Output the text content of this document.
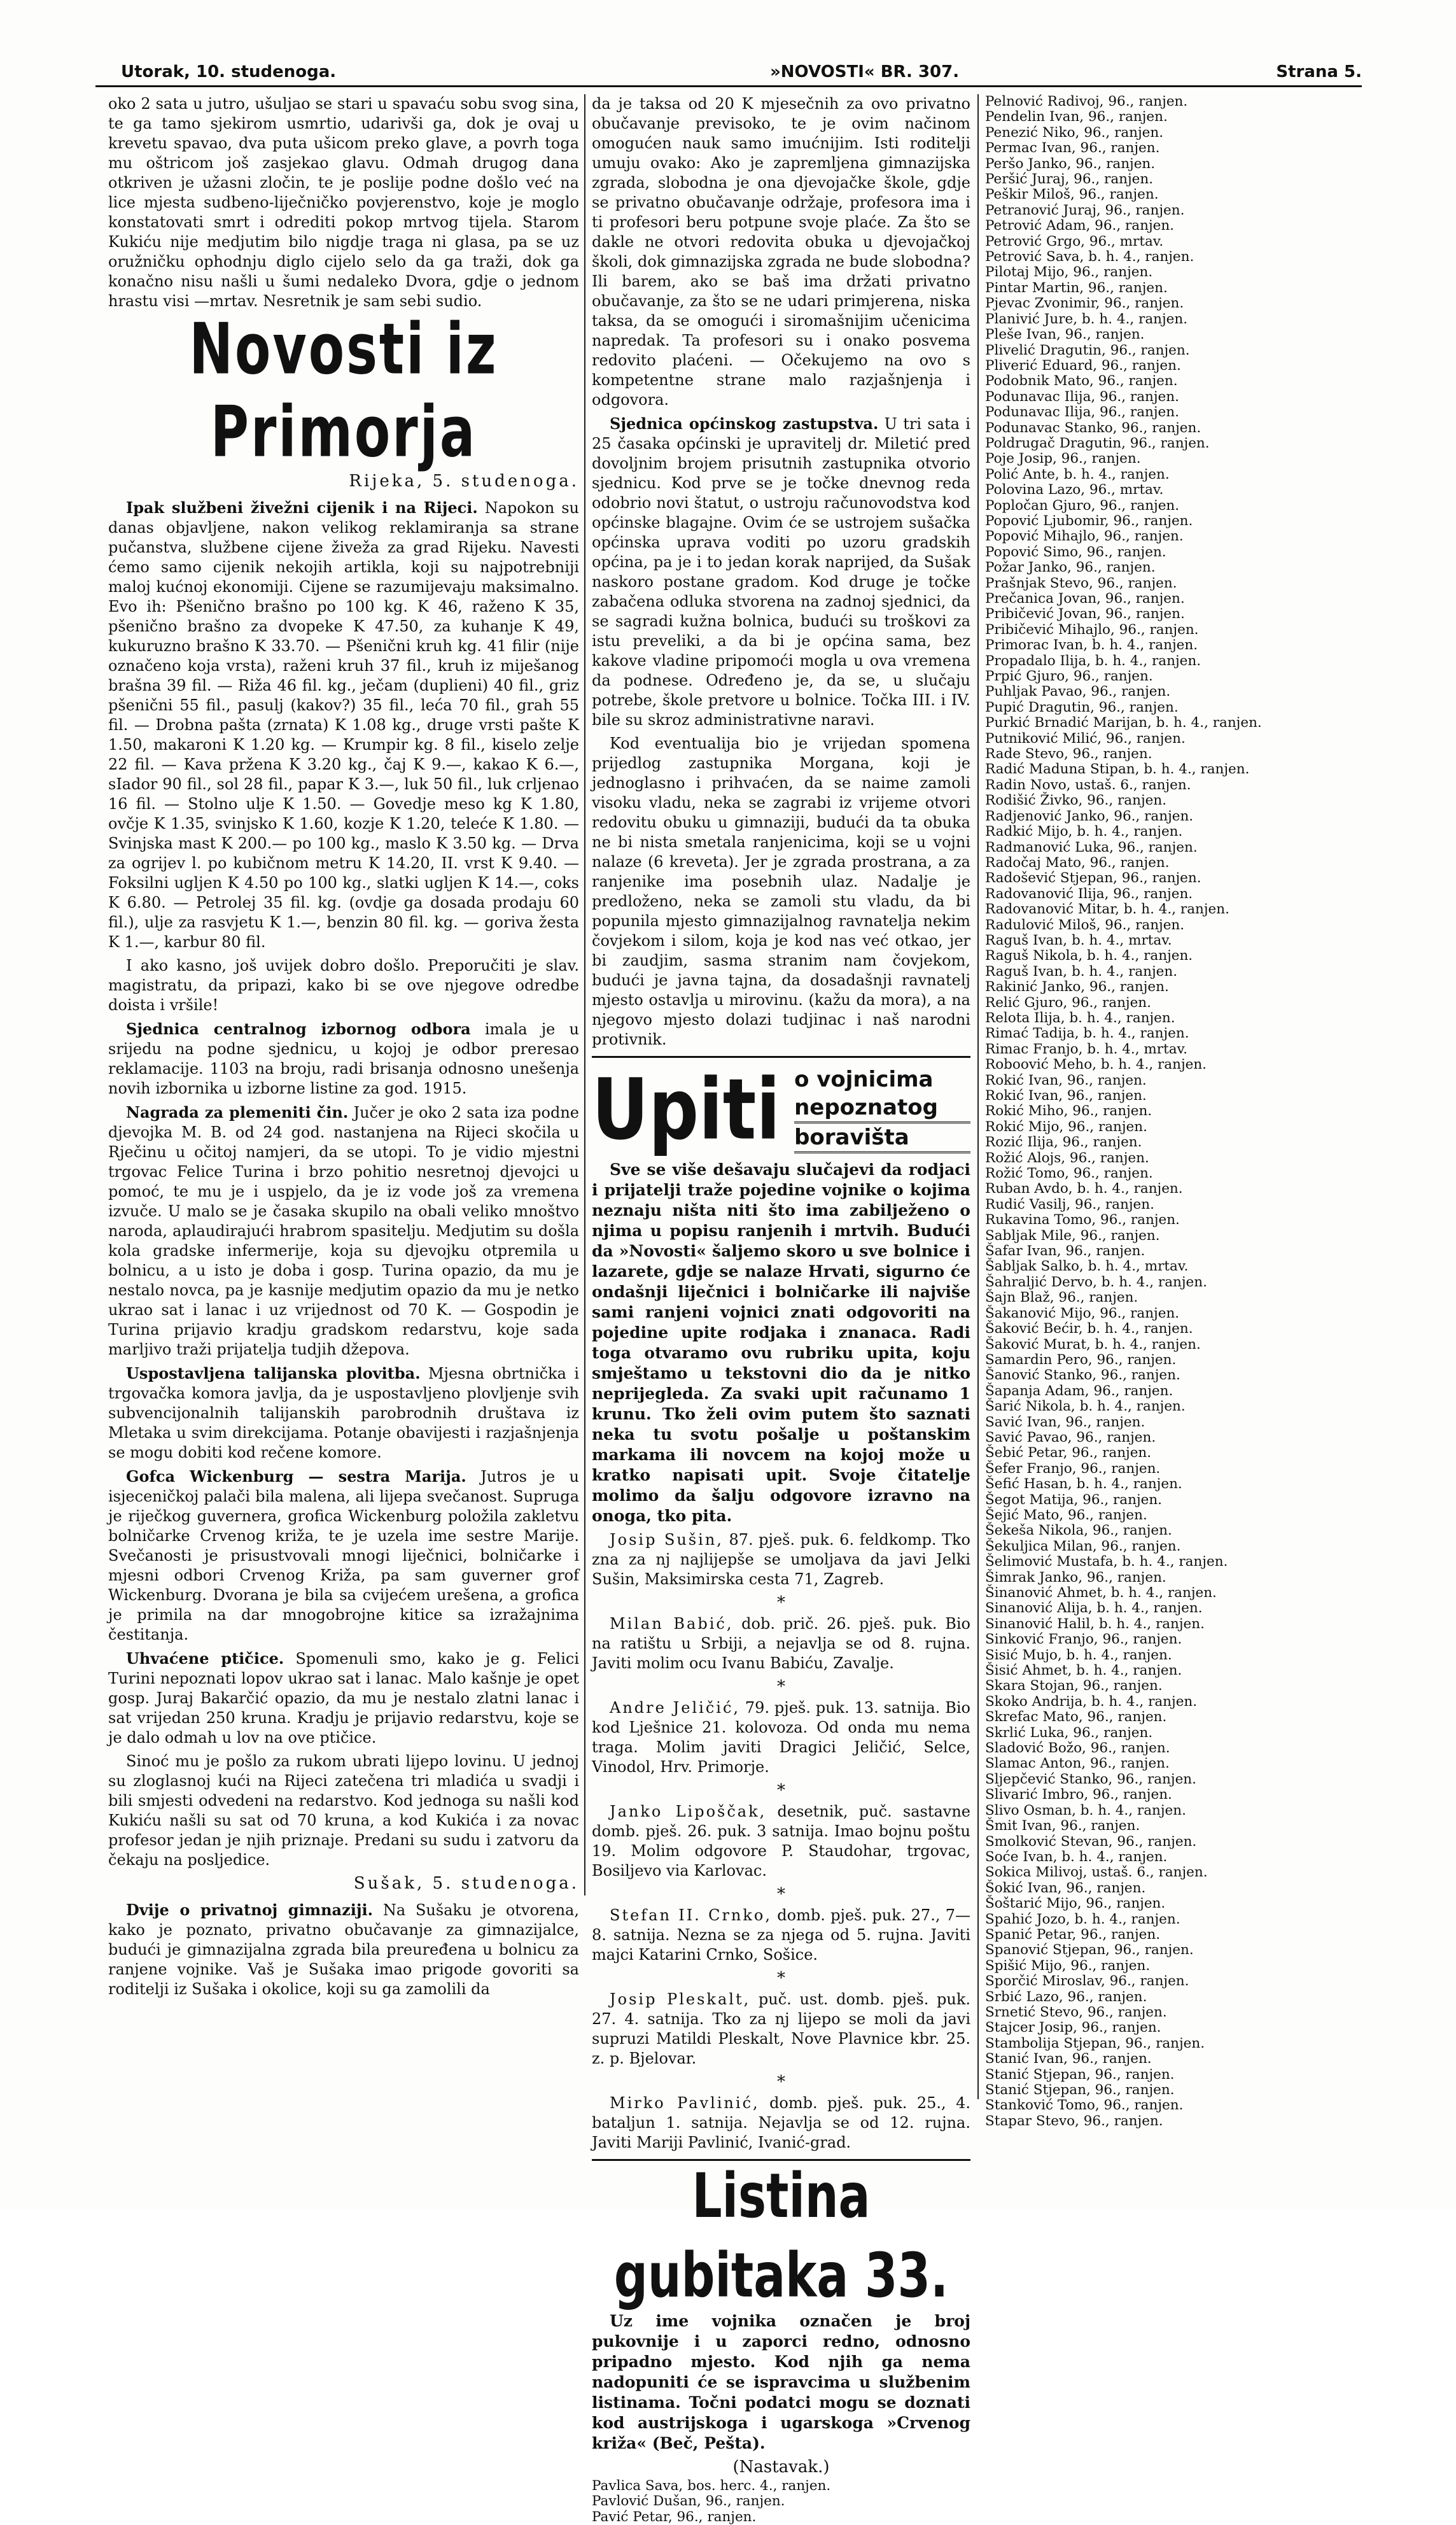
Utorak, 10. studenoga.	»NOVOSTI« BR. 307.	Strana 5.

oko 2 sata u jutro, ušuljao se stari u spavaću sobu svog sina, te ga tamo sjekirom usmrtio, udarivši ga, dok je ovaj u krevetu spavao, dva puta ušicom preko glave, a povrh toga mu oštricom još zasjekao glavu. Odmah drugog dana otkriven je užasni zločin, te je poslije podne došlo već na lice mjesta sudbeno-liječničko povjerenstvo, koje je moglo konstatovati smrt i odrediti pokop mrtvog tijela. Starom Kukiću nije medjutim bilo nigdje traga ni glasa, pa se uz oružničku ophodnju diglo cijelo selo da ga traži, dok ga konačno nisu našli u šumi nedaleko Dvora, gdje o jednom hrastu visi —mrtav. Nesretnik je sam sebi sudio.

Novosti iz Primorja

Rijeka, 5. studenoga.

Ipak službeni živežni cijenik i na Rijeci. Napokon su danas objavljene, nakon velikog reklamiranja sa strane pučanstva, službene cijene živeža za grad Rijeku. Navesti ćemo samo cijenik nekojih artikla, koji su najpotrebniji maloj kućnoj ekonomiji. Cijene se razumijevaju maksimalno. Evo ih: Pšenično brašno po 100 kg. K 46, raženo K 35, pšenično brašno za dvopeke K 47.50, za kuhanje K 49, kukuruzno brašno K 33.70. — Pšenični kruh kg. 41 filir (nije označeno koja vrsta), raženi kruh 37 fil., kruh iz miješanog brašna 39 fil. — Riža 46 fil. kg., ječam (duplieni) 40 fil., griz pšenični 55 fil., pasulj (kakov?) 35 fil., leća 70 fil., grah 55 fil. — Drobna pašta (zrnata) K 1.08 kg., druge vrsti pašte K 1.50, makaroni K 1.20 kg. — Krumpir kg. 8 fil., kiselo zelje 22 fil. — Kava pržena K 3.20 kg., čaj K 9.—, kakao K 6.—, sIador 90 fil., sol 28 fil., papar K 3.—, luk 50 fil., luk crljenao 16 fil. — Stolno ulje K 1.50. — Govedje meso kg K 1.80, ovčje K 1.35, svinjsko K 1.60, kozje K 1.20, teleće K 1.80. — Svinjska mast K 200.— po 100 kg., maslo K 3.50 kg. — Drva za ogrijev l. po kubičnom metru K 14.20, II. vrst K 9.40. — Foksilni ugljen K 4.50 po 100 kg., slatki ugljen K 14.—, coks K 6.80. — Petrolej 35 fil. kg. (ovdje ga dosada prodaju 60 fil.), ulje za rasvjetu K 1.—, benzin 80 fil. kg. — goriva žesta K 1.—, karbur 80 fil.

I ako kasno, još uvijek dobro došlo. Preporučiti je slav. magistratu, da pripazi, kako bi se ove njegove odredbe doista i vršile!

Sjednica centralnog izbornog odbora imala je u srijedu na podne sjednicu, u kojoj je odbor preresao reklamacije. 1103 na broju, radi brisanja odnosno unešenja novih izbornika u izborne listine za god. 1915.

Nagrada za plemeniti čin. Jučer je oko 2 sata iza podne djevojka M. B. od 24 god. nastanjena na Rijeci skočila u Rječinu u očitoj namjeri, da se utopi. To je vidio mjestni trgovac Felice Turina i brzo pohitio nesretnoj djevojci u pomoć, te mu je i uspjelo, da je iz vode još za vremena izvuče. U malo se je časaka skupilo na obali veliko mnoštvo naroda, aplaudirajući hrabrom spasitelju. Medjutim su došla kola gradske infermerije, koja su djevojku otpremila u bolnicu, a u isto je doba i gosp. Turina opazio, da mu je nestalo novca, pa je kasnije medjutim opazio da mu je netko ukrao sat i lanac i uz vrijednost od 70 K. — Gospodin je Turina prijavio kradju gradskom redarstvu, koje sada marljivo traži prijatelja tudjih džepova.

Uspostavljena talijanska plovitba. Mjesna obrtnička i trgovačka komora javlja, da je uspostavljeno plovljenje svih subvencijonalnih talijanskih parobrodnih društava iz Mletaka u svim direkcijama. Potanje obavijesti i razjašnjenja se mogu dobiti kod rečene komore.

Gofca Wickenburg — sestra Marija. Jutros je u isjeceničkoj palači bila malena, ali lijepa svečanost. Supruga je riječkog guvernera, grofica Wickenburg položila zakletvu bolničarke Crvenog križa, te je uzela ime sestre Marije. Svečanosti je prisustvovali mnogi liječnici, bolničarke i mjesni odbori Crvenog Križa, pa sam guverner grof Wickenburg. Dvorana je bila sa cvijećem urešena, a grofica je primila na dar mnogobrojne kitice sa izražajnima čestitanja.

Uhvaćene ptičice. Spomenuli smo, kako je g. Felici Turini nepoznati lopov ukrao sat i lanac. Malo kašnje je opet gosp. Juraj Bakarčić opazio, da mu je nestalo zlatni lanac i sat vrijedan 250 kruna. Kradju je prijavio redarstvu, koje se je dalo odmah u lov na ove ptičice.

Sinoć mu je pošlo za rukom ubrati lijepo lovinu. U jednoj su zloglasnoj kući na Rijeci zatečena tri mladića u svadji i bili smjesti odvedeni na redarstvo. Kod jednoga su našli kod Kukiću našli su sat od 70 kruna, a kod Kukića i za novac profesor jedan je njih priznaje. Predani su sudu i zatvoru da čekaju na posljedice.

Sušak, 5. studenoga.

Dvije o privatnoj gimnaziji. Na Sušaku je otvorena, kako je poznato, privatno obučavanje za gimnazijalce, budući je gimnazijalna zgrada bila preuređena u bolnicu za ranjene vojnike. Vaš je Sušaka imao prigode govoriti sa roditelji iz Sušaka i okolice, koji su ga zamolili da

da je taksa od 20 K mjesečnih za ovo privatno obučavanje previsoko, te je ovim načinom omogućen nauk samo imućnijim. Isti roditelji umuju ovako: Ako je zapremljena gimnazijska zgrada, slobodna je ona djevojačke škole, gdje se privatno obučavanje održaje, profesora ima i ti profesori beru potpune svoje plaće. Za što se dakle ne otvori redovita obuka u djevojačkoj školi, dok gimnazijska zgrada ne bude slobodna? Ili barem, ako se baš ima držati privatno obučavanje, za što se ne udari primjerena, niska taksa, da se omogući i siromašnijim učenicima napredak. Ta profesori su i onako posvema redovito plaćeni. — Očekujemo na ovo s kompetentne strane malo razjašnjenja i odgovora.

Sjednica općinskog zastupstva. U tri sata i 25 časaka općinski je upravitelj dr. Miletić pred dovoljnim brojem prisutnih zastupnika otvorio sjednicu. Kod prve se je točke dnevnog reda odobrio novi štatut, o ustroju računovodstva kod općinske blagajne. Ovim će se ustrojem sušačka općinska uprava voditi po uzoru gradskih općina, pa je i to jedan korak naprijed, da Sušak naskoro postane gradom. Kod druge je točke zabačena odluka stvorena na zadnoj sjednici, da se sagradi kužna bolnica, budući su troškovi za istu preveliki, a da bi je općina sama, bez kakove vladine pripomoći mogla u ova vremena da podnese. Određeno je, da se, u slučaju potrebe, škole pretvore u bolnice. Točka III. i IV. bile su skroz administrativne naravi.

Kod eventualija bio je vrijedan spomena prijedlog zastupnika Morgana, koji je jednoglasno i prihvaćen, da se naime zamoli visoku vladu, neka se zagrabi iz vrijeme otvori redovitu obuku u gimnaziji, budući da ta obuka ne bi nista smetala ranjenicima, koji se u vojni nalaze (6 kreveta). Jer je zgrada prostrana, a za ranjenike ima posebnih ulaz. Nadalje je predloženo, neka se zamoli stu vladu, da bi popunila mjesto gimnazijalnog ravnatelja nekim čovjekom i silom, koja je kod nas već otkao, jer bi zaudjim, sasma stranim nam čovjekom, budući je javna tajna, da dosadašnji ravnatelj mjesto ostavlja u mirovinu. (kažu da mora), a na njegovo mjesto dolazi tudjinac i naš narodni protivnik.

Upiti o vojnicima nepoznatog
boravišta

Sve se više dešavaju slučajevi da rodjaci i prijatelji traže pojedine vojnike o kojima neznaju ništa niti što ima zabilježeno o njima u popisu ranjenih i mrtvih. Budući da »Novosti« šaljemo skoro u sve bolnice i lazarete, gdje se nalaze Hrvati, sigurno će ondašnji liječnici i bolničarke ili najviše sami ranjeni vojnici znati odgovoriti na pojedine upite rodjaka i znanaca. Radi toga otvaramo ovu rubriku upita, koju smještamo u tekstovni dio da je nitko neprijegleda. Za svaki upit računamo 1 krunu. Tko želi ovim putem što saznati neka tu svotu pošalje u poštanskim markama ili novcem na kojoj može u kratko napisati upit. Svoje čitatelje molimo da šalju odgovore izravno na onoga, tko pita.

Josip Sušin, 87. pješ. puk. 6. feldkomp. Tko zna za nj najlijepše se umoljava da javi Jelki Sušin, Maksimirska cesta 71, Zagreb.

*

Milan Babić, dob. prič. 26. pješ. puk. Bio na ratištu u Srbiji, a nejavlja se od 8. rujna. Javiti molim ocu Ivanu Babiću, Zavalje.

*

Andre Jeličić, 79. pješ. puk. 13. satnija. Bio kod Lješnice 21. kolovoza. Od onda mu nema traga. Molim javiti Dragici Jeličić, Selce, Vinodol, Hrv. Primorje.

*

Janko Lipoščak, desetnik, puč. sastavne domb. pješ. 26. puk. 3 satnija. Imao bojnu poštu 19. Molim odgovore P. Staudohar, trgovac, Bosiljevo via Karlovac.

*

Stefan II. Crnko, domb. pješ. puk. 27., 7—8. satnija. Nezna se za njega od 5. rujna. Javiti majci Katarini Crnko, Sošice.

*

Josip Pleskalt, puč. ust. domb. pješ. puk. 27. 4. satnija. Tko za nj lijepo se moli da javi supruzi Matildi Pleskalt, Nove Plavnice kbr. 25. z. p. Bjelovar.

*

Mirko Pavlinić, domb. pješ. puk. 25., 4. bataljun 1. satnija. Nejavlja se od 12. rujna. Javiti Mariji Pavlinić, Ivanić-grad.

Listina gubitaka 33.

Uz ime vojnika označen je broj pukovnije i u zaporci redno, odnosno pripadno mjesto. Kod njih ga nema nadopuniti će se ispravcima u službenim listinama. Točni podatci mogu se doznati kod austrijskoga i ugarskoga »Crvenog križa« (Beč, Pešta).

(Nastavak.)

Pavlica Sava, bos. herc. 4., ranjen.
Pavlović Dušan, 96., ranjen.
Pavić Petar, 96., ranjen.
Pelnović Radivoj, 96., ranjen.
Pendelin Ivan, 96., ranjen.
Penezić Niko, 96., ranjen.
Permac Ivan, 96., ranjen.
Peršo Janko, 96., ranjen.
Peršić Juraj, 96., ranjen.
Peškir Miloš, 96., ranjen.
Petranović Juraj, 96., ranjen.
Petrović Adam, 96., ranjen.
Petrović Grgo, 96., mrtav.
Petrović Sava, b. h. 4., ranjen.
Pilotaj Mijo, 96., ranjen.
Pintar Martin, 96., ranjen.
Pjevac Zvonimir, 96., ranjen.
Planivić Jure, b. h. 4., ranjen.
Pleše Ivan, 96., ranjen.
Plivelić Dragutin, 96., ranjen.
Pliverić Eduard, 96., ranjen.
Podobnik Mato, 96., ranjen.
Podunavac Ilija, 96., ranjen.
Podunavac Ilija, 96., ranjen.
Podunavac Stanko, 96., ranjen.
Poldrugač Dragutin, 96., ranjen.
Poje Josip, 96., ranjen.
Polić Ante, b. h. 4., ranjen.
Polovina Lazo, 96., mrtav.
Popločan Gjuro, 96., ranjen.
Popović Ljubomir, 96., ranjen.
Popović Mihajlo, 96., ranjen.
Popović Simo, 96., ranjen.
Požar Janko, 96., ranjen.
Prašnjak Stevo, 96., ranjen.
Prečanica Jovan, 96., ranjen.
Pribičević Jovan, 96., ranjen.
Pribičević Mihajlo, 96., ranjen.
Primorac Ivan, b. h. 4., ranjen.
Propadalo Ilija, b. h. 4., ranjen.
Prpić Gjuro, 96., ranjen.
Puhljak Pavao, 96., ranjen.
Pupić Dragutin, 96., ranjen.
Purkić Brnadić Marijan, b. h. 4., ranjen.
Putniković Milić, 96., ranjen.
Rade Stevo, 96., ranjen.
Radić Maduna Stipan, b. h. 4., ranjen.
Radin Novo, ustaš. 6., ranjen.
Rodišić Živko, 96., ranjen.
Radjenović Janko, 96., ranjen.
Radkić Mijo, b. h. 4., ranjen.
Radmanović Luka, 96., ranjen.
Radočaj Mato, 96., ranjen.
Radošević Stjepan, 96., ranjen.
Radovanović Ilija, 96., ranjen.
Radovanović Mitar, b. h. 4., ranjen.
Radulović Miloš, 96., ranjen.
Raguš Ivan, b. h. 4., mrtav.
Raguš Nikola, b. h. 4., ranjen.
Raguš Ivan, b. h. 4., ranjen.
Rakinić Janko, 96., ranjen.
Relić Gjuro, 96., ranjen.
Relota Ilija, b. h. 4., ranjen.
Rimać Tadija, b. h. 4., ranjen.
Rimac Franjo, b. h. 4., mrtav.
Roboović Meho, b. h. 4., ranjen.
Rokić Ivan, 96., ranjen.
Rokić Ivan, 96., ranjen.
Rokić Miho, 96., ranjen.
Rokić Mijo, 96., ranjen.
Rozić Ilija, 96., ranjen.
Rožić Alojs, 96., ranjen.
Rožić Tomo, 96., ranjen.
Ruban Avdo, b. h. 4., ranjen.
Rudić Vasilj, 96., ranjen.
Rukavina Tomo, 96., ranjen.
Sabljak Mile, 96., ranjen.
Šafar Ivan, 96., ranjen.
Šabljak Salko, b. h. 4., mrtav.
Šahraljić Dervo, b. h. 4., ranjen.
Šajn Blaž, 96., ranjen.
Šakanović Mijo, 96., ranjen.
Šaković Bećir, b. h. 4., ranjen.
Šaković Murat, b. h. 4., ranjen.
Samardin Pero, 96., ranjen.
Šanović Stanko, 96., ranjen.
Šapanja Adam, 96., ranjen.
Šarić Nikola, b. h. 4., ranjen.
Savić Ivan, 96., ranjen.
Savić Pavao, 96., ranjen.
Šebić Petar, 96., ranjen.
Šefer Franjo, 96., ranjen.
Šefić Hasan, b. h. 4., ranjen.
Šegot Matija, 96., ranjen.
Šejić Mato, 96., ranjen.
Šekeša Nikola, 96., ranjen.
Šekuljica Milan, 96., ranjen.
Šelimović Mustafa, b. h. 4., ranjen.
Šimrak Janko, 96., ranjen.
Šinanović Ahmet, b. h. 4., ranjen.
Sinanović Alija, b. h. 4., ranjen.
Sinanović Halil, b. h. 4., ranjen.
Sinković Franjo, 96., ranjen.
Sisić Mujo, b. h. 4., ranjen.
Šisić Ahmet, b. h. 4., ranjen.
Skara Stojan, 96., ranjen.
Skoko Andrija, b. h. 4., ranjen.
Skrefac Mato, 96., ranjen.
Skrlić Luka, 96., ranjen.
Sladović Božo, 96., ranjen.
Slamac Anton, 96., ranjen.
Sljepčević Stanko, 96., ranjen.
Slivarić Imbro, 96., ranjen.
Slivo Osman, b. h. 4., ranjen.
Šmit Ivan, 96., ranjen.
Smolković Stevan, 96., ranjen.
Soće Ivan, b. h. 4., ranjen.
Sokica Milivoj, ustaš. 6., ranjen.
Šokić Ivan, 96., ranjen.
Šoštarić Mijo, 96., ranjen.
Spahić Jozo, b. h. 4., ranjen.
Spanić Petar, 96., ranjen.
Spanović Stjepan, 96., ranjen.
Spišić Mijo, 96., ranjen.
Sporčić Miroslav, 96., ranjen.
Srbić Lazo, 96., ranjen.
Srnetić Stevo, 96., ranjen.
Stajcer Josip, 96., ranjen.
Stambolija Stjepan, 96., ranjen.
Stanić Ivan, 96., ranjen.
Stanić Stjepan, 96., ranjen.
Stanić Stjepan, 96., ranjen.
Stanković Tomo, 96., ranjen.
Stapar Stevo, 96., ranjen.
